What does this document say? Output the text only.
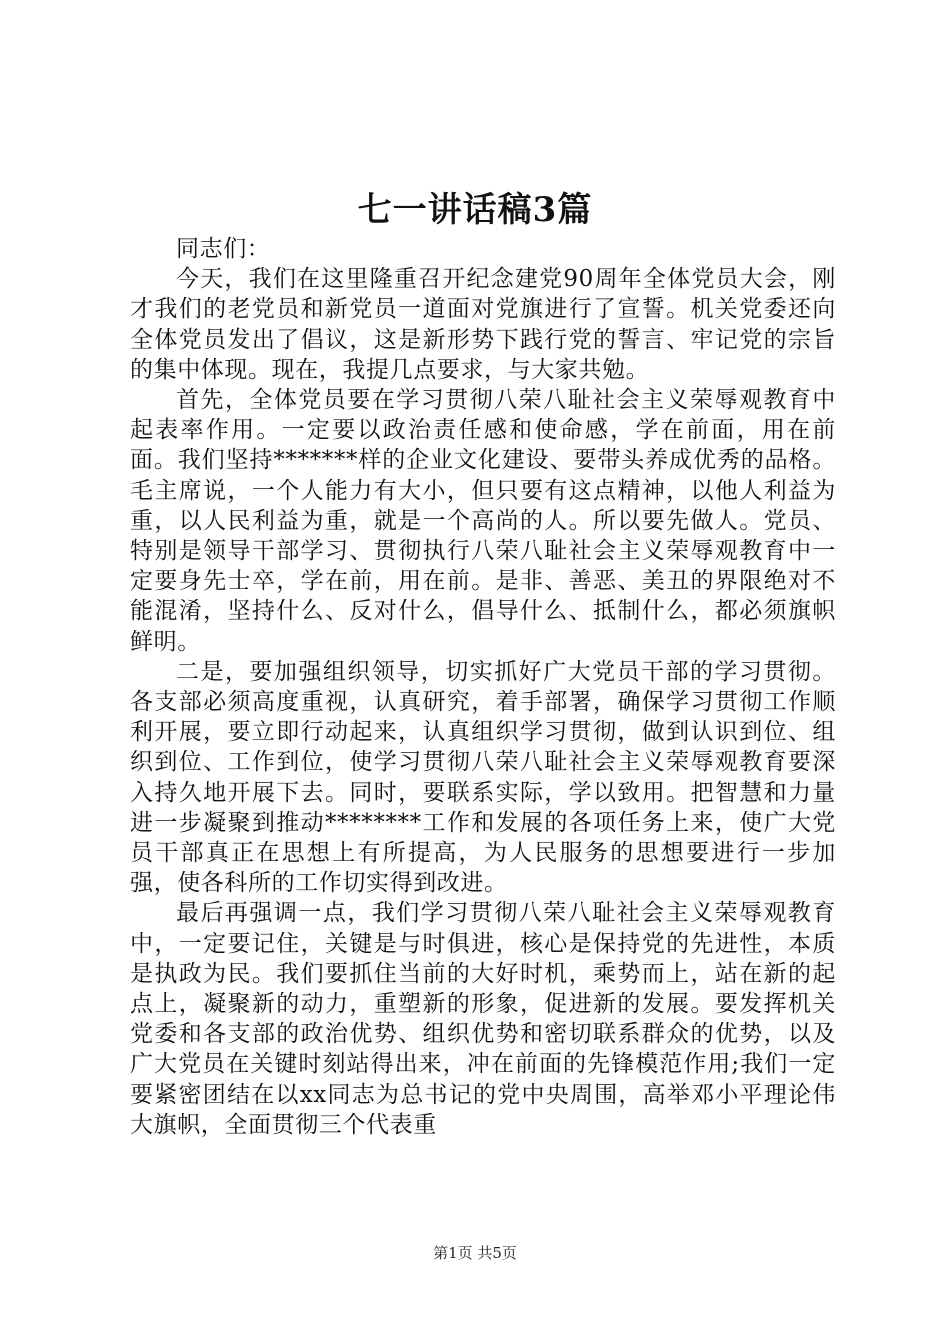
七一讲话稿3篇

同志们：

今天，我们在这里隆重召开纪念建党90周年全体党员大会，刚才我们的老党员和新党员一道面对党旗进行了宣誓。机关党委还向全体党员发出了倡议，这是新形势下践行党的誓言、牢记党的宗旨的集中体现。现在，我提几点要求，与大家共勉。

首先，全体党员要在学习贯彻八荣八耻社会主义荣辱观教育中起表率作用。一定要以政治责任感和使命感，学在前面，用在前面。我们坚持*******样的企业文化建设、要带头养成优秀的品格。毛主席说，一个人能力有大小，但只要有这点精神，以他人利益为重，以人民利益为重，就是一个高尚的人。所以要先做人。党员、特别是领导干部学习、贯彻执行八荣八耻社会主义荣辱观教育中一定要身先士卒，学在前，用在前。是非、善恶、美丑的界限绝对不能混淆，坚持什么、反对什么，倡导什么、抵制什么，都必须旗帜鲜明。

二是，要加强组织领导，切实抓好广大党员干部的学习贯彻。各支部必须高度重视，认真研究，着手部署，确保学习贯彻工作顺利开展，要立即行动起来，认真组织学习贯彻，做到认识到位、组织到位、工作到位，使学习贯彻八荣八耻社会主义荣辱观教育要深入持久地开展下去。同时，要联系实际，学以致用。把智慧和力量进一步凝聚到推动********工作和发展的各项任务上来，使广大党员干部真正在思想上有所提高，为人民服务的思想要进行一步加强，使各科所的工作切实得到改进。

最后再强调一点，我们学习贯彻八荣八耻社会主义荣辱观教育中，一定要记住，关键是与时俱进，核心是保持党的先进性，本质是执政为民。我们要抓住当前的大好时机，乘势而上，站在新的起点上，凝聚新的动力，重塑新的形象，促进新的发展。要发挥机关党委和各支部的政治优势、组织优势和密切联系群众的优势，以及广大党员在关键时刻站得出来，冲在前面的先锋模范作用;我们一定要紧密团结在以xx同志为总书记的党中央周围，高举邓小平理论伟大旗帜，全面贯彻三个代表重

第1页 共5页
